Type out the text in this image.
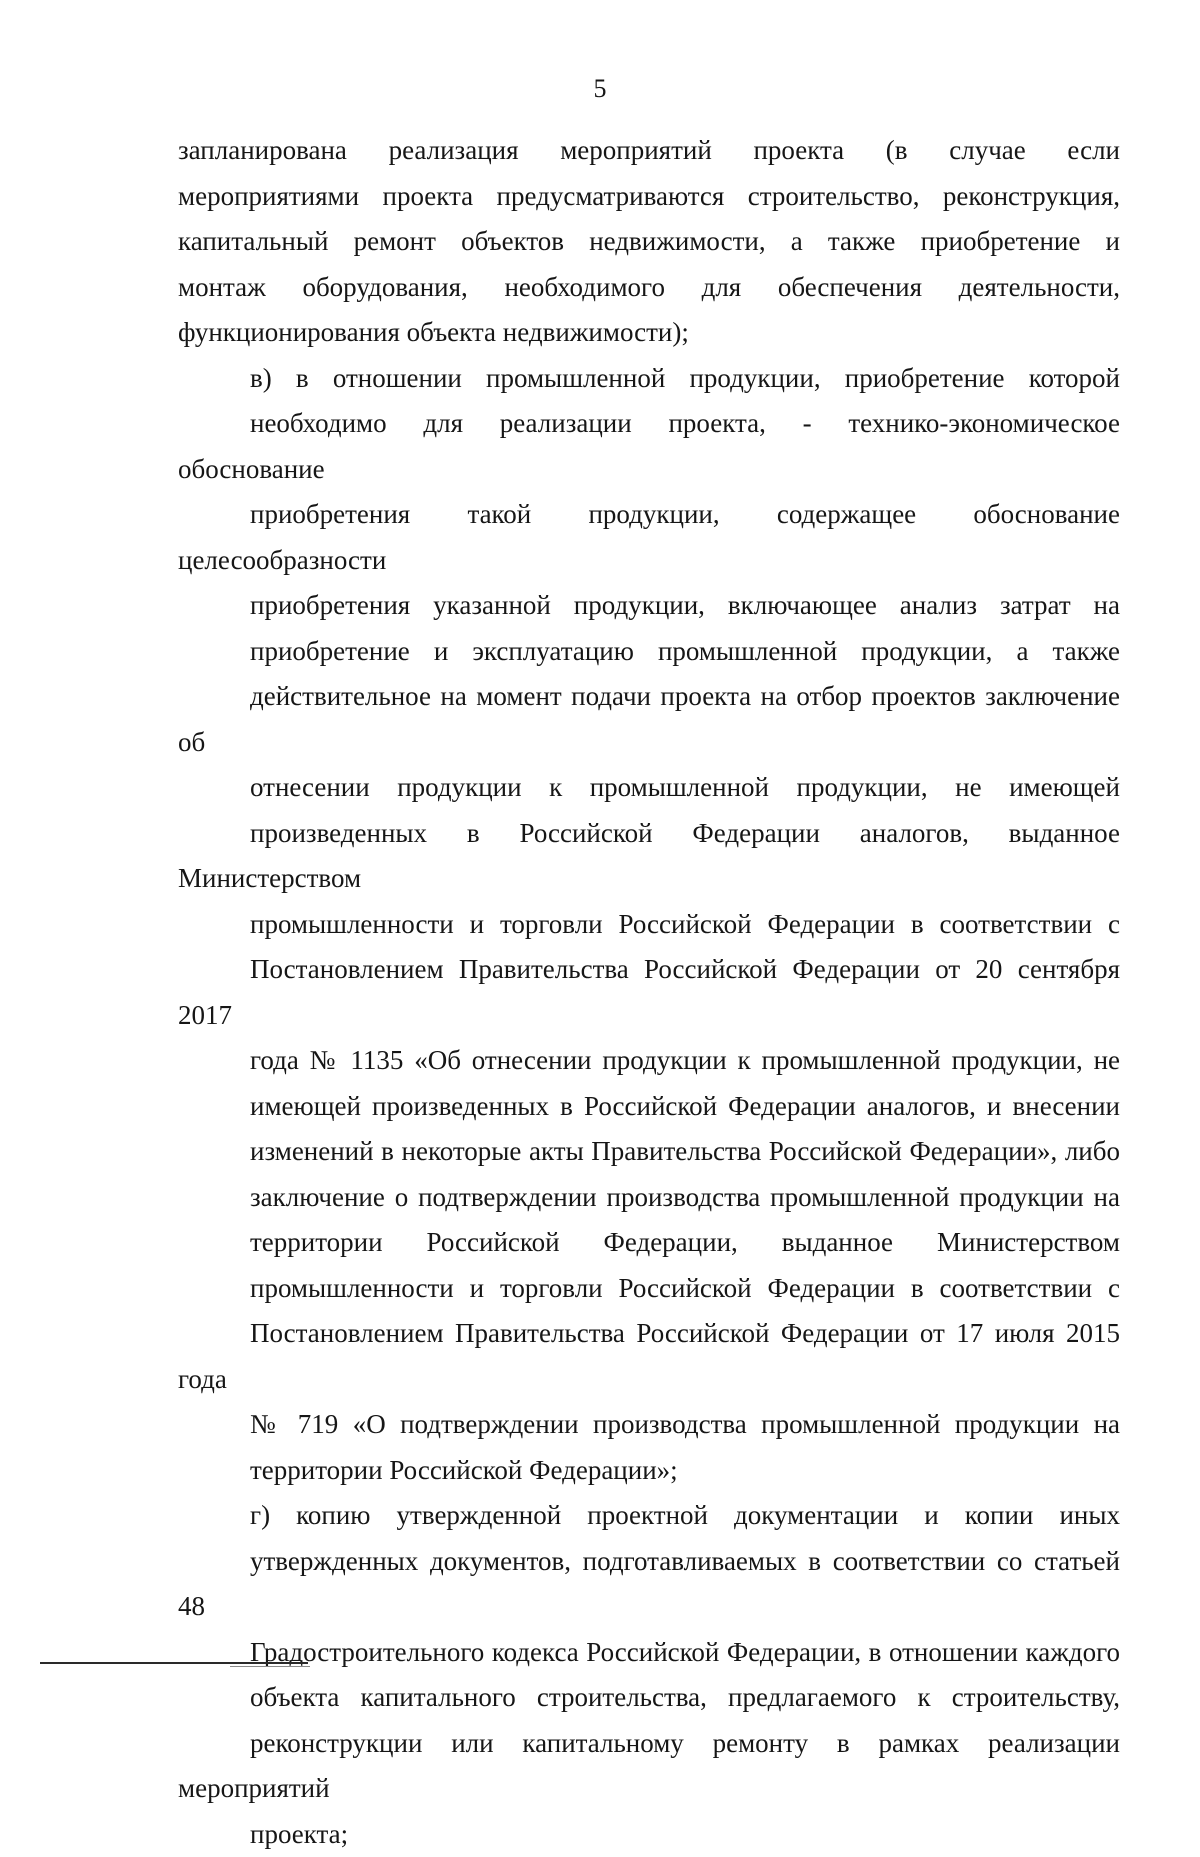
5
запланирована реализация мероприятий проекта (в случае если
мероприятиями проекта предусматриваются строительство, реконструкция,
капитальный ремонт объектов недвижимости, а также приобретение и
монтаж оборудования, необходимого для обеспечения деятельности,
функционирования объекта недвижимости);
в) в отношении промышленной продукции, приобретение которой
необходимо для реализации проекта, - технико-экономическое обоснование
приобретения такой продукции, содержащее обоснование целесообразности
приобретения указанной продукции, включающее анализ затрат на
приобретение и эксплуатацию промышленной продукции, а также
действительное на момент подачи проекта на отбор проектов заключение об
отнесении продукции к промышленной продукции, не имеющей
произведенных в Российской Федерации аналогов, выданное Министерством
промышленности и торговли Российской Федерации в соответствии с
Постановлением Правительства Российской Федерации от 20 сентября 2017
года № 1135 «Об отнесении продукции к промышленной продукции, не
имеющей произведенных в Российской Федерации аналогов, и внесении
изменений в некоторые акты Правительства Российской Федерации», либо
заключение о подтверждении производства промышленной продукции на
территории Российской Федерации, выданное Министерством
промышленности и торговли Российской Федерации в соответствии с
Постановлением Правительства Российской Федерации от 17 июля 2015 года
№ 719 «О подтверждении производства промышленной продукции на
территории Российской Федерации»;
г) копию утвержденной проектной документации и копии иных
утвержденных документов, подготавливаемых в соответствии со статьей 48
Градостроительного кодекса Российской Федерации, в отношении каждого
объекта капитального строительства, предлагаемого к строительству,
реконструкции или капитальному ремонту в рамках реализации мероприятий
проекта;
